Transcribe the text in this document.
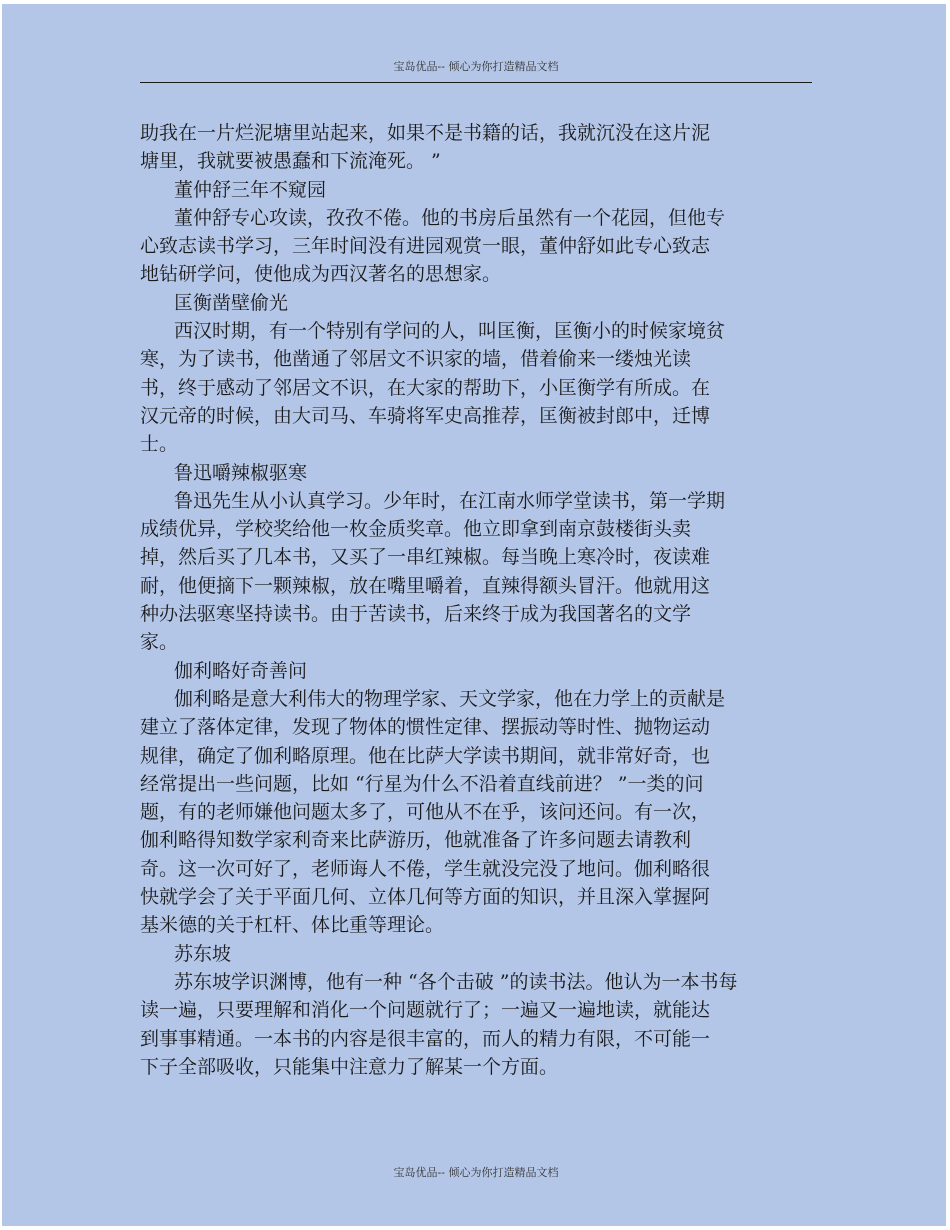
宝岛优品-- 倾心为你打造精品文档
助我在一片烂泥塘里站起来，如果不是书籍的话，我就沉没在这片泥
塘里，我就要被愚蠢和下流淹死。 ”
董仲舒三年不窥园
董仲舒专心攻读，孜孜不倦。他的书房后虽然有一个花园，但他专
心致志读书学习，三年时间没有进园观赏一眼，董仲舒如此专心致志
地钻研学问，使他成为西汉著名的思想家。
匡衡凿壁偷光
西汉时期，有一个特别有学问的人，叫匡衡，匡衡小的时候家境贫
寒，为了读书，他凿通了邻居文不识家的墙，借着偷来一缕烛光读
书，终于感动了邻居文不识，在大家的帮助下，小匡衡学有所成。在
汉元帝的时候，由大司马、车骑将军史高推荐，匡衡被封郎中，迁博
士。
鲁迅嚼辣椒驱寒
鲁迅先生从小认真学习。少年时，在江南水师学堂读书，第一学期
成绩优异，学校奖给他一枚金质奖章。他立即拿到南京鼓楼街头卖
掉，然后买了几本书，又买了一串红辣椒。每当晚上寒冷时，夜读难
耐，他便摘下一颗辣椒，放在嘴里嚼着，直辣得额头冒汗。他就用这
种办法驱寒坚持读书。由于苦读书，后来终于成为我国著名的文学
家。
伽利略好奇善问
伽利略是意大利伟大的物理学家、天文学家，他在力学上的贡献是
建立了落体定律，发现了物体的惯性定律、摆振动等时性、抛物运动
规律，确定了伽利略原理。他在比萨大学读书期间，就非常好奇，也
经常提出一些问题，比如 “行星为什么不沿着直线前进？ ”一类的问
题，有的老师嫌他问题太多了，可他从不在乎，该问还问。有一次，
伽利略得知数学家利奇来比萨游历，他就准备了许多问题去请教利
奇。这一次可好了，老师诲人不倦，学生就没完没了地问。伽利略很
快就学会了关于平面几何、立体几何等方面的知识，并且深入掌握阿
基米德的关于杠杆、体比重等理论。
苏东坡
苏东坡学识渊博，他有一种 “各个击破 ”的读书法。他认为一本书每
读一遍，只要理解和消化一个问题就行了；一遍又一遍地读，就能达
到事事精通。一本书的内容是很丰富的，而人的精力有限，不可能一
下子全部吸收，只能集中注意力了解某一个方面。
宝岛优品-- 倾心为你打造精品文档
